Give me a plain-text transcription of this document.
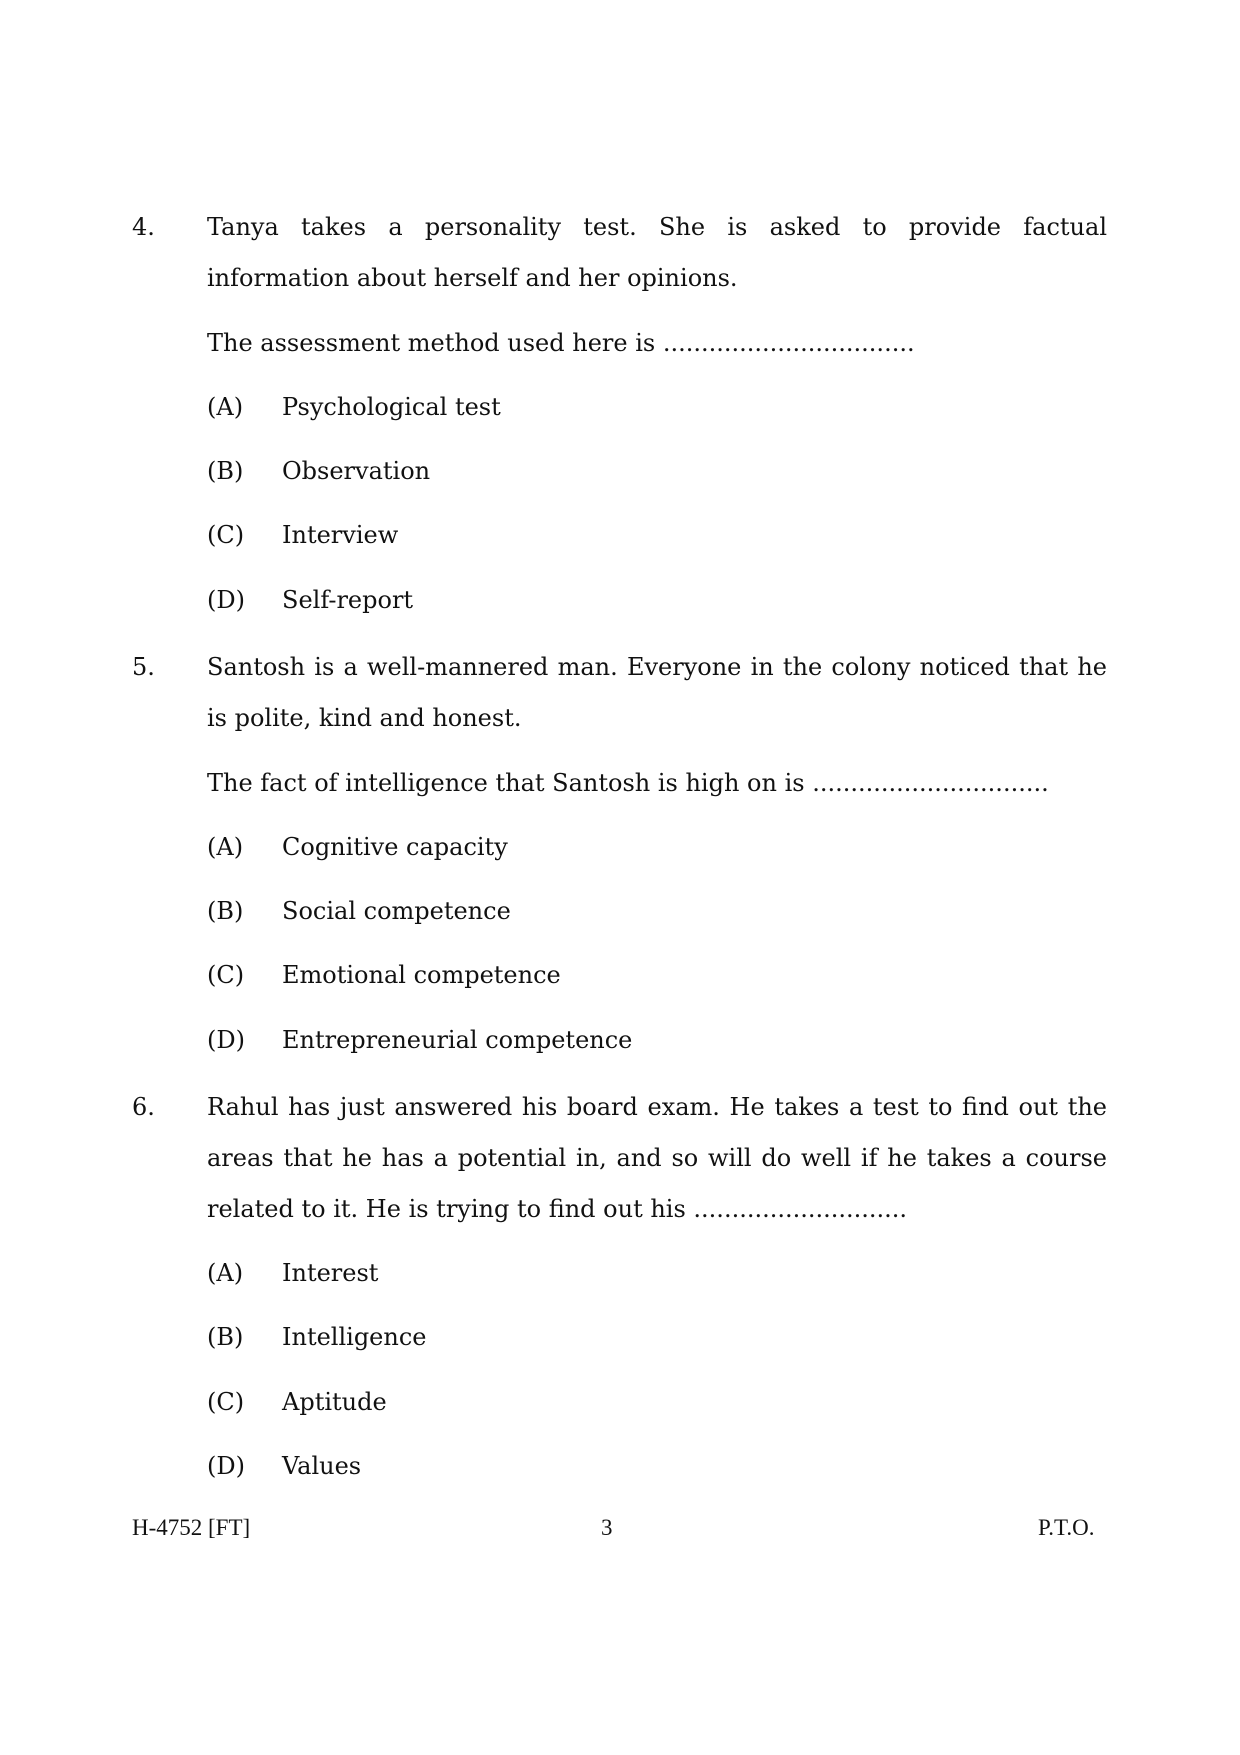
4. Tanya takes a personality test. She is asked to provide factual information about herself and her opinions.

The assessment method used here is .................................

(A) Psychological test
(B) Observation
(C) Interview
(D) Self-report
5. Santosh is a well-mannered man. Everyone in the colony noticed that he is polite, kind and honest.

The fact of intelligence that Santosh is high on is ...............................

(A) Cognitive capacity
(B) Social competence
(C) Emotional competence
(D) Entrepreneurial competence
6. Rahul has just answered his board exam. He takes a test to find out the areas that he has a potential in, and so will do well if he takes a course related to it. He is trying to find out his ............................

(A) Interest
(B) Intelligence
(C) Aptitude
(D) Values
H-4752 [FT]	3	P.T.O.
